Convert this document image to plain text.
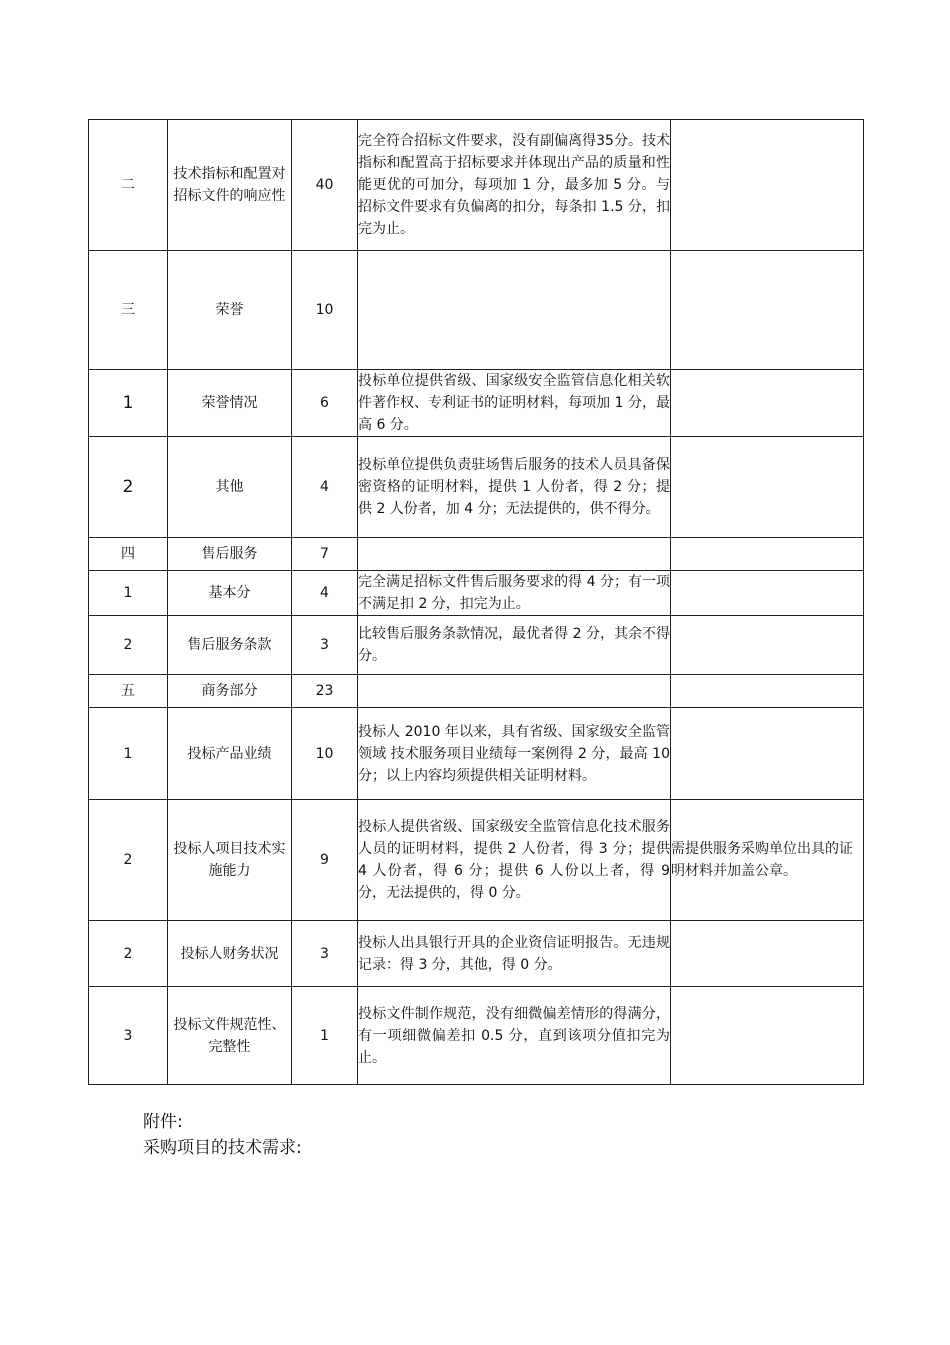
二	技术指标和配置对招标文件的响应性	40	完全符合招标文件要求，没有副偏离得35分。技术指标和配置高于招标要求并体现出产品的质量和性能更优的可加分，每项加 1 分，最多加 5 分。与招标文件要求有负偏离的扣分，每条扣 1.5 分，扣完为止。	
三	荣誉	10		
1	荣誉情况	6	投标单位提供省级、国家级安全监管信息化相关软件著作权、专利证书的证明材料，每项加 1 分，最高 6 分。	
2	其他	4	投标单位提供负责驻场售后服务的技术人员具备保密资格的证明材料，提供 1 人份者，得 2 分；提供 2 人份者，加 4 分；无法提供的，供不得分。	
四	售后服务	7		
1	基本分	4	完全满足招标文件售后服务要求的得 4 分；有一项不满足扣 2 分，扣完为止。	
2	售后服务条款	3	比较售后服务条款情况，最优者得 2 分，其余不得分。	
五	商务部分	23		
1	投标产品业绩	10	投标人 2010 年以来，具有省级、国家级安全监管领域 技术服务项目业绩每一案例得 2 分，最高 10 分；以上内容均须提供相关证明材料。	
2	投标人项目技术实施能力	9	投标人提供省级、国家级安全监管信息化技术服务人员的证明材料，提供 2 人份者，得 3 分；提供 4 人份者，得 6 分；提供 6 人份以上者，得 9 分，无法提供的，得 0 分。	需提供服务采购单位出具的证明材料并加盖公章。
2	投标人财务状况	3	投标人出具银行开具的企业资信证明报告。无违规记录：得 3 分，其他，得 0 分。	
3	投标文件规范性、完整性	1	投标文件制作规范，没有细微偏差情形的得满分，有一项细微偏差扣 0.5 分，直到该项分值扣完为止。	
附件:
采购项目的技术需求:
